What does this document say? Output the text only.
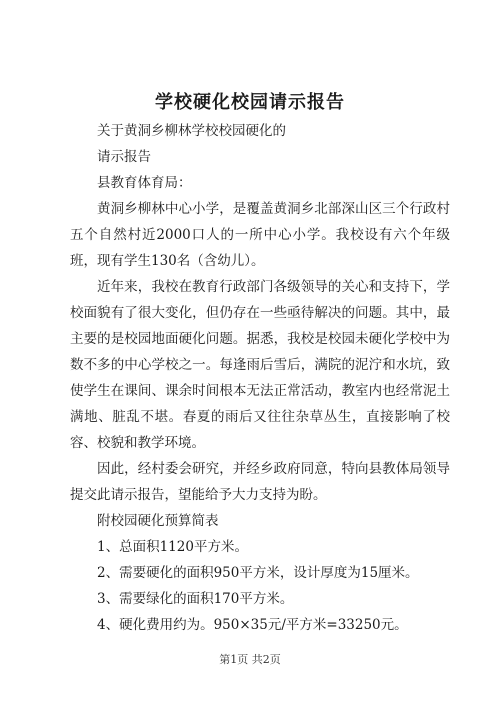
学校硬化校园请示报告

关于黄洞乡柳林学校校园硬化的

请示报告

县教育体育局：

黄洞乡柳林中心小学，是覆盖黄洞乡北部深山区三个行政村五个自然村近2000口人的一所中心小学。我校设有六个年级班，现有学生130名（含幼儿）。

近年来，我校在教育行政部门各级领导的关心和支持下，学校面貌有了很大变化，但仍存在一些亟待解决的问题。其中，最主要的是校园地面硬化问题。据悉，我校是校园未硬化学校中为数不多的中心学校之一。每逢雨后雪后，满院的泥泞和水坑，致使学生在课间、课余时间根本无法正常活动，教室内也经常泥土满地、脏乱不堪。春夏的雨后又往往杂草丛生，直接影响了校容、校貌和教学环境。

因此，经村委会研究，并经乡政府同意，特向县教体局领导提交此请示报告，望能给予大力支持为盼。

附校园硬化预算简表

1、总面积1120平方米。

2、需要硬化的面积950平方米，设计厚度为15厘米。

3、需要绿化的面积170平方米。

4、硬化费用约为。950×35元/平方米=33250元。

第1页 共2页
